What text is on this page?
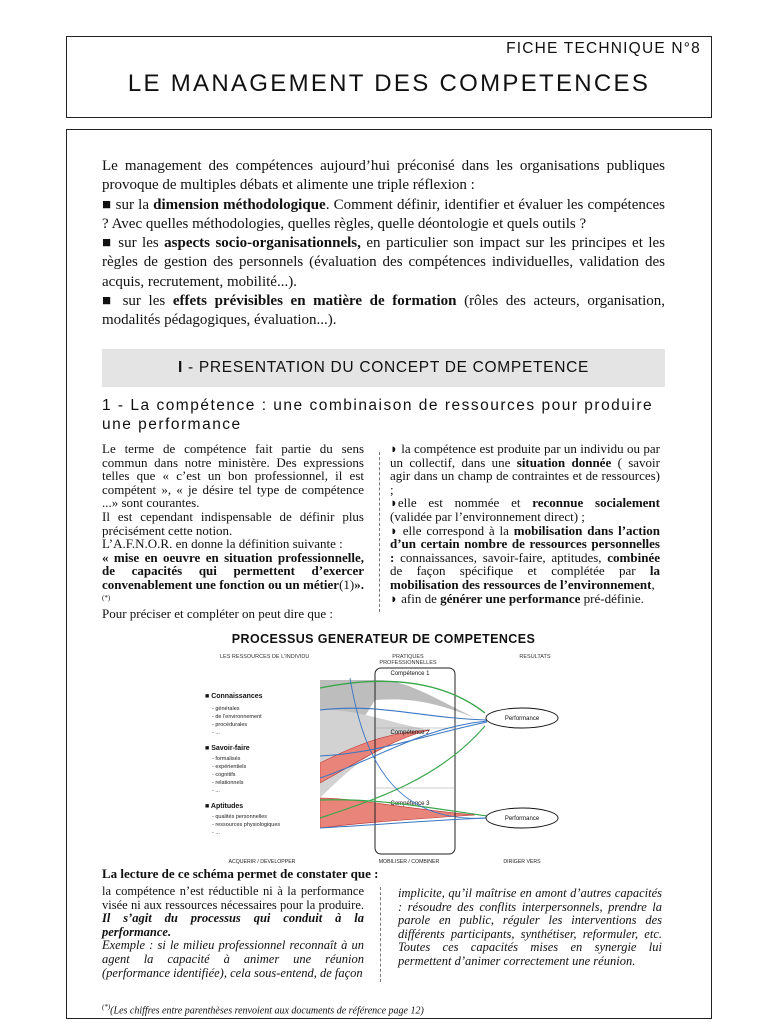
FICHE TECHNIQUE N°8
LE MANAGEMENT DES COMPETENCES

Le management des compétences aujourd’hui préconisé dans les organisations publiques provoque de multiples débats et alimente une triple réflexion :

■ sur la dimension méthodologique. Comment définir, identifier et évaluer les compétences ? Avec quelles méthodologies, quelles règles, quelle déontologie et quels outils ?

■ sur les aspects socio-organisationnels, en particulier son impact sur les principes et les règles de gestion des personnels (évaluation des compétences individuelles, validation des acquis, recrutement, mobilité...).

■ sur les effets prévisibles en matière de formation (rôles des acteurs, organisation, modalités pédagogiques, évaluation...).

I - PRESENTATION DU CONCEPT DE COMPETENCE
1 - La compétence : une combinaison de ressources pour produire une performance

Le terme de compétence fait partie du sens commun dans notre ministère. Des expressions telles que « c’est un bon professionnel, il est compétent », « je désire tel type de compétence ...» sont courantes.

Il est cependant indispensable de définir plus précisément cette notion.

L’A.F.N.O.R. en donne la définition suivante :

« mise en oeuvre en situation professionnelle, de capacités qui permettent d’exercer convenablement une fonction ou un métier(1)».(*)

Pour préciser et compléter on peut dire que :

◗ la compétence est produite par un individu ou par un collectif, dans une situation donnée ( savoir agir dans un champ de contraintes et de ressources) ;

◗elle est nommée et reconnue socialement (validée par l’environnement direct) ;

◗ elle correspond à la mobilisation dans l’action d’un certain nombre de ressources personnelles : connaissances, savoir-faire, aptitudes, combinée de façon spécifique et complétée par la mobilisation des ressources de l’environnement,

◗ afin de générer une performance pré-définie.

PROCESSUS GENERATEUR DE COMPETENCES
LES RESSOURCES DE L'INDIVIDU	PRATIQUES
PROFESSIONNELLES
RESULTATS
■ Connaissances
- générales
- de l'environnement
- procédurales
- ...
■ Savoir-faire
- formalisés
- expérientiels
- cognitifs
- relationnels
- ...
■ Aptitudes
- qualités personnelles
- ressources physiologiques
- ...
Compétence 1
Compétence 2
Compétence 3
Performance
Performance
ACQUERIR / DEVELOPPER	MOBILISER / COMBINER	DIRIGER VERS
La lecture de ce schéma permet de constater que :
la compétence n’est réductible ni à la performance visée ni aux ressources nécessaires pour la produire. Il s’agit du processus qui conduit à la performance.
Exemple : si le milieu professionnel reconnaît à un agent la capacité à animer une réunion (performance identifiée), cela sous-entend, de façon
implicite, qu’il maîtrise en amont d’autres capacités : résoudre des conflits interpersonnels, prendre la parole en public, réguler les interventions des différents participants, synthétiser, reformuler, etc. Toutes ces capacités mises en synergie lui permettent d’animer correctement une réunion.
(*)(Les chiffres entre parenthèses renvoient aux documents de référence page 12)
